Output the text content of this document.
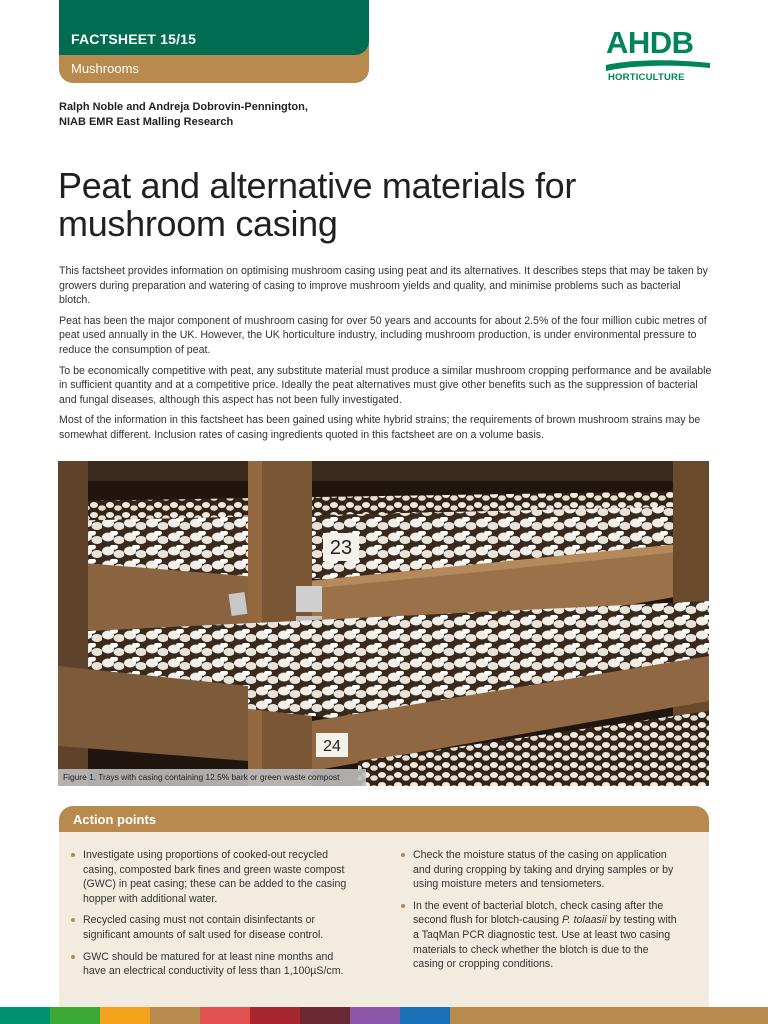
FACTSHEET 15/15
Mushrooms
AHDB
HORTICULTURE
Ralph Noble and Andreja Dobrovin-Pennington,
NIAB EMR East Malling Research
Peat and alternative materials for
mushroom casing

This factsheet provides information on optimising mushroom casing using peat and its alternatives. It describes steps that may be taken by growers during preparation and watering of casing to improve mushroom yields and quality, and minimise problems such as bacterial blotch.

Peat has been the major component of mushroom casing for over 50 years and accounts for about 2.5% of the four million cubic metres of peat used annually in the UK. However, the UK horticulture industry, including mushroom production, is under environmental pressure to reduce the consumption of peat.

To be economically competitive with peat, any substitute material must produce a similar mushroom cropping performance and be available in sufficient quantity and at a competitive price. Ideally the peat alternatives must give other benefits such as the suppression of bacterial and fungal diseases, although this aspect has not been fully investigated.

Most of the information in this factsheet has been gained using white hybrid strains; the requirements of brown mushroom strains may be somewhat different. Inclusion rates of casing ingredients quoted in this factsheet are on a volume basis.

23
24
Figure 1. Trays with casing containing 12.5% bark or green waste compost
Action points
Investigate using proportions of cooked-out recycled casing, composted bark fines and green waste compost (GWC) in peat casing; these can be added to the casing hopper with additional water.
Recycled casing must not contain disinfectants or significant amounts of salt used for disease control.
GWC should be matured for at least nine months and have an electrical conductivity of less than 1,100µS/cm.
Check the moisture status of the casing on application and during cropping by taking and drying samples or by using moisture meters and tensiometers.
In the event of bacterial blotch, check casing after the second flush for blotch-causing P. tolaasii by testing with a TaqMan PCR diagnostic test. Use at least two casing materials to check whether the blotch is due to the casing or cropping conditions.
